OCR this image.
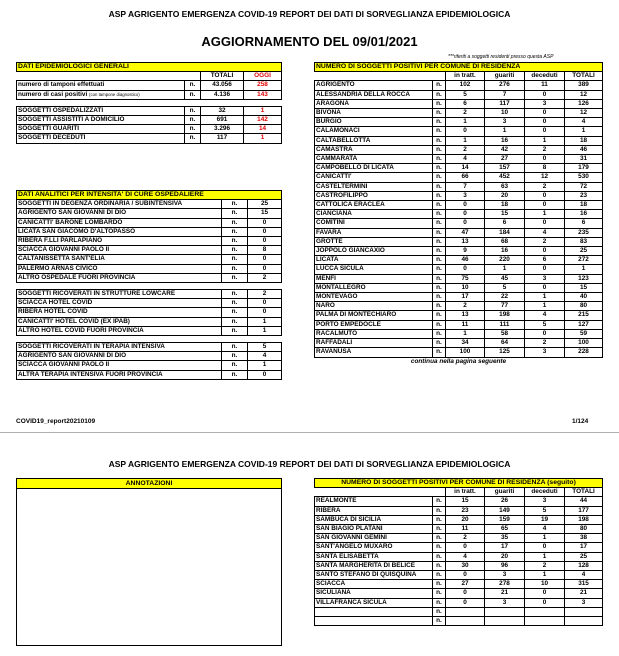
ASP AGRIGENTO EMERGENZA COVID-19 REPORT DEI DATI DI SORVEGLIANZA EPIDEMIOLOGICA
AGGIORNAMENTO DEL 09/01/2021
***riferiti a soggetti residenti presso questa ASP
DATI EPIDEMIOLOGICI GENERALI			
		TOTALI	OGGI
numero di tamponi effettuati	n.	43.056	258
numero di casi positivi (con tampone diagnostico)	n.	4.136	143

SOGGETTI OSPEDALIZZATI	n.	32	1
SOGGETTI ASSISTITI A DOMICILIO	n.	691	142
SOGGETTI GUARITI	n.	3.296	14
SOGGETTI DECEDUTI	n.	117	1
DATI ANALITICI PER INTENSITA' DI CURE OSPEDALIERE		
SOGGETTI IN DEGENZA ORDINARIA / SUBINTENSIVA	n.	25
AGRIGENTO SAN GIOVANNI DI DIO	n.	15
CANICATTI' BARONE LOMBARDO	n.	0
LICATA SAN GIACOMO D'ALTOPASSO	n.	0
RIBERA F.LLI PARLAPIANO	n.	0
SCIACCA GIOVANNI PAOLO II	n.	8
CALTANISSETTA SANT'ELIA	n.	0
PALERMO ARNAS CIVICO	n.	0
ALTRO OSPEDALE FUORI PROVINCIA	n.	2

SOGGETTI RICOVERATI IN STRUTTURE LOWCARE	n.	2
SCIACCA HOTEL COVID	n.	0
RIBERA HOTEL COVID	n.	0
CANICATTI' HOTEL COVID (EX IPAB)	n.	1
ALTRO HOTEL COVID FUORI PROVINCIA	n.	1

SOGGETTI RICOVERATI IN TERAPIA INTENSIVA	n.	5
AGRIGENTO SAN GIOVANNI DI DIO	n.	4
SCIACCA GIOVANNI PAOLO II	n.	1
ALTRA TERAPIA INTENSIVA FUORI PROVINCIA	n.	0
NUMERO DI SOGGETTI POSITIVI PER COMUNE DI RESIDENZA					
		in tratt.	guariti	deceduti	TOTALI
AGRIGENTO	n.	102	276	11	389
ALESSANDRIA DELLA ROCCA	n.	5	7	0	12
ARAGONA	n.	6	117	3	126
BIVONA	n.	2	10	0	12
BURGIO	n.	1	3	0	4
CALAMONACI	n.	0	1	0	1
CALTABELLOTTA	n.	1	16	1	18
CAMASTRA	n.	2	42	2	46
CAMMARATA	n.	4	27	0	31
CAMPOBELLO DI LICATA	n.	14	157	8	179
CANICATTI'	n.	66	452	12	530
CASTELTERMINI	n.	7	63	2	72
CASTROFILIPPO	n.	3	20	0	23
CATTOLICA ERACLEA	n.	0	18	0	18
CIANCIANA	n.	0	15	1	16
COMITINI	n.	0	6	0	6
FAVARA	n.	47	184	4	235
GROTTE	n.	13	68	2	83
JOPPOLO GIANCAXIO	n.	9	16	0	25
LICATA	n.	46	220	6	272
LUCCA SICULA	n.	0	1	0	1
MENFI	n.	75	45	3	123
MONTALLEGRO	n.	10	5	0	15
MONTEVAGO	n.	17	22	1	40
NARO	n.	2	77	1	80
PALMA DI MONTECHIARO	n.	13	198	4	215
PORTO EMPEDOCLE	n.	11	111	5	127
RACALMUTO	n.	1	58	0	59
RAFFADALI	n.	34	64	2	100
RAVANUSA	n.	100	125	3	228
continua nella pagina seguente					
COVID19_report20210109	1/124
ASP AGRIGENTO EMERGENZA COVID-19 REPORT DEI DATI DI SORVEGLIANZA EPIDEMIOLOGICA
ANNOTAZIONI	NUMERO DI SOGGETTI POSITIVI PER COMUNE DI RESIDENZA (seguito)					
		in tratt.	guariti	deceduti	TOTALI
REALMONTE	n.	15	26	3	44
RIBERA	n.	23	149	5	177
SAMBUCA DI SICILIA	n.	20	159	19	198
SAN BIAGIO PLATANI	n.	11	65	4	80
SAN GIOVANNI GEMINI	n.	2	35	1	38
SANT'ANGELO MUXARO	n.	0	17	0	17
SANTA ELISABETTA	n.	4	20	1	25
SANTA MARGHERITA DI BELICE	n.	30	96	2	128
SANTO STEFANO DI QUISQUINA	n.	0	3	1	4
SCIACCA	n.	27	278	10	315
SICULIANA	n.	0	21	0	21
VILLAFRANCA SICULA	n.	0	3	0	3
	n.				
	n.				
